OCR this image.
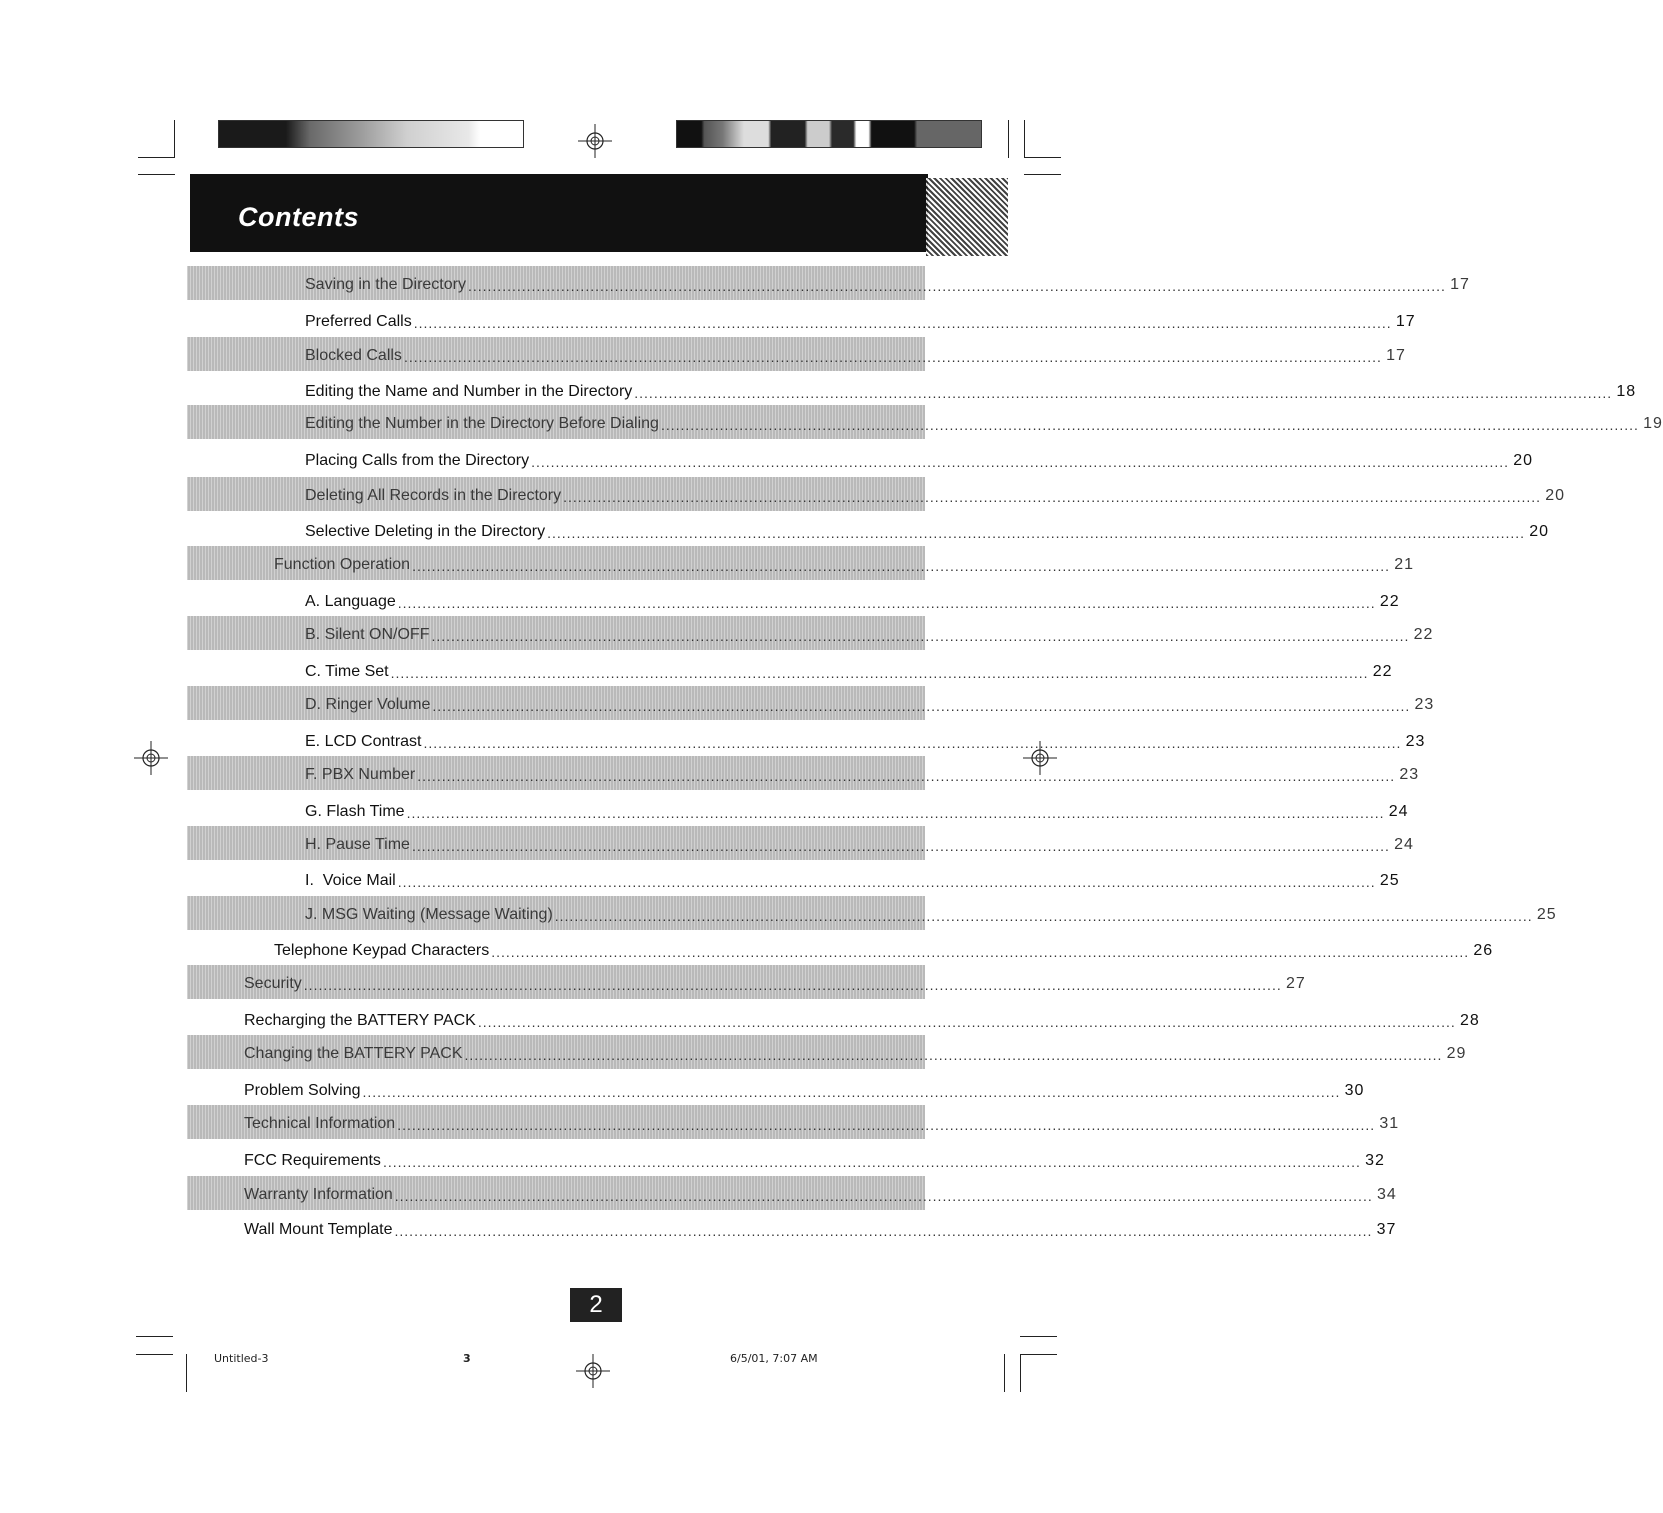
Contents
Saving in the Directory ........................................................................................................................................................................................................ 17
Preferred Calls ........................................................................................................................................................................................................ 17
Blocked Calls ........................................................................................................................................................................................................ 17
Editing the Name and Number in the Directory ........................................................................................................................................................................................................ 18
Editing the Number in the Directory Before Dialing ........................................................................................................................................................................................................ 19
Placing Calls from the Directory ........................................................................................................................................................................................................ 20
Deleting All Records in the Directory ........................................................................................................................................................................................................ 20
Selective Deleting in the Directory ........................................................................................................................................................................................................ 20
Function Operation ........................................................................................................................................................................................................ 21
A. Language ........................................................................................................................................................................................................ 22
B. Silent ON/OFF ........................................................................................................................................................................................................ 22
C. Time Set ........................................................................................................................................................................................................ 22
D. Ringer Volume ........................................................................................................................................................................................................ 23
E. LCD Contrast ........................................................................................................................................................................................................ 23
F. PBX Number ........................................................................................................................................................................................................ 23
G. Flash Time ........................................................................................................................................................................................................ 24
H. Pause Time ........................................................................................................................................................................................................ 24
I.  Voice Mail ........................................................................................................................................................................................................ 25
J. MSG Waiting (Message Waiting) ........................................................................................................................................................................................................ 25
Telephone Keypad Characters ........................................................................................................................................................................................................ 26
Security ........................................................................................................................................................................................................ 27
Recharging the BATTERY PACK ........................................................................................................................................................................................................ 28
Changing the BATTERY PACK ........................................................................................................................................................................................................ 29
Problem Solving ........................................................................................................................................................................................................ 30
Technical Information ........................................................................................................................................................................................................ 31
FCC Requirements ........................................................................................................................................................................................................ 32
Warranty Information ........................................................................................................................................................................................................ 34
Wall Mount Template ........................................................................................................................................................................................................ 37
2
Untitled-3	3	6/5/01, 7:07 AM
